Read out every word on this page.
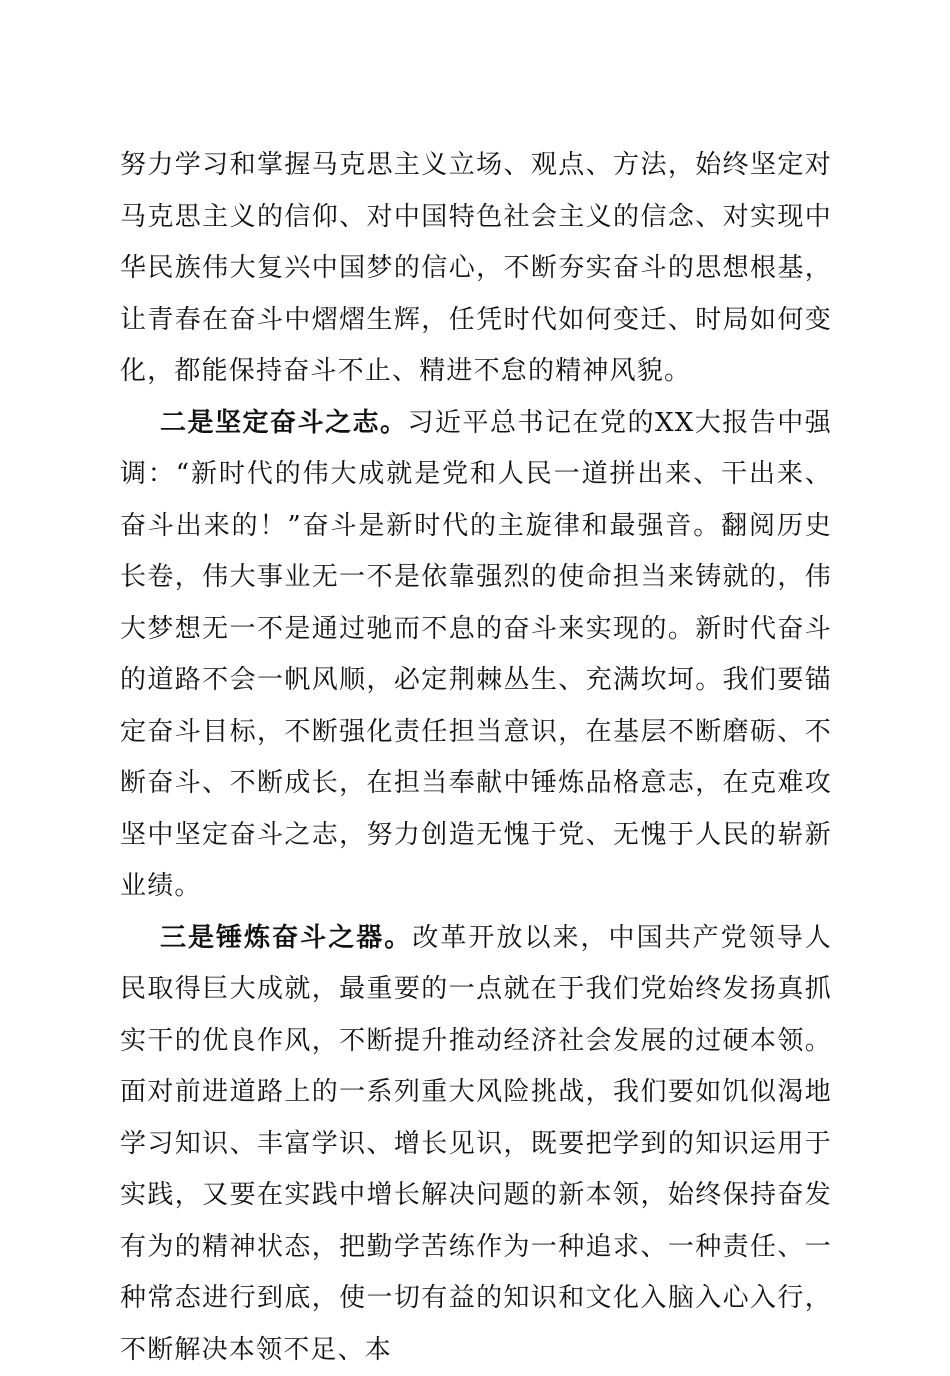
努力学习和掌握马克思主义立场、观点、方法，始终坚定对马克思主义的信仰、对中国特色社会主义的信念、对实现中华民族伟大复兴中国梦的信心，不断夯实奋斗的思想根基，让青春在奋斗中熠熠生辉，任凭时代如何变迁、时局如何变化，都能保持奋斗不止、精进不怠的精神风貌。

二是坚定奋斗之志。习近平总书记在党的XX大报告中强调：“新时代的伟大成就是党和人民一道拼出来、干出来、奋斗出来的！”奋斗是新时代的主旋律和最强音。翻阅历史长卷，伟大事业无一不是依靠强烈的使命担当来铸就的，伟大梦想无一不是通过驰而不息的奋斗来实现的。新时代奋斗的道路不会一帆风顺，必定荆棘丛生、充满坎坷。我们要锚定奋斗目标，不断强化责任担当意识，在基层不断磨砺、不断奋斗、不断成长，在担当奉献中锤炼品格意志，在克难攻坚中坚定奋斗之志，努力创造无愧于党、无愧于人民的崭新业绩。

三是锤炼奋斗之器。改革开放以来，中国共产党领导人民取得巨大成就，最重要的一点就在于我们党始终发扬真抓实干的优良作风，不断提升推动经济社会发展的过硬本领。面对前进道路上的一系列重大风险挑战，我们要如饥似渴地学习知识、丰富学识、增长见识，既要把学到的知识运用于实践，又要在实践中增长解决问题的新本领，始终保持奋发有为的精神状态，把勤学苦练作为一种追求、一种责任、一种常态进行到底，使一切有益的知识和文化入脑入心入行，不断解决本领不足、本
